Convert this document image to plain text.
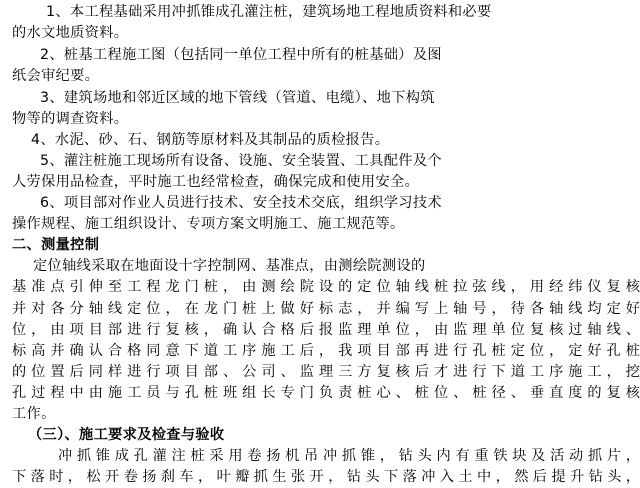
1、本工程基础采用冲抓锥成孔灌注桩，建筑场地工程地质资料和必要
的水文地质资料。
2、桩基工程施工图（包括同一单位工程中所有的桩基础）及图
纸会审纪要。
3、建筑场地和邻近区域的地下管线（管道、电缆）、地下构筑
物等的调查资料。
4、水泥、砂、石、钢筋等原材料及其制品的质检报告。
5、灌注桩施工现场所有设备、设施、安全装置、工具配件及个
人劳保用品检查，平时施工也经常检查，确保完成和使用安全。
6、项目部对作业人员进行技术、安全技术交底，组织学习技术
操作规程、施工组织设计、专项方案文明施工、施工规范等。
二、测量控制
定位轴线采取在地面设十字控制网、基准点，由测绘院测设的
基准点引伸至工程龙门桩，由测绘院设的定位轴线桩拉弦线，用经纬仪复核
并对各分轴线定位，在龙门桩上做好标志，并编写上轴号，待各轴线均定好
位，由项目部进行复核，确认合格后报监理单位，由监理单位复核过轴线、
标高并确认合格同意下道工序施工后，我项目部再进行孔桩定位，定好孔桩
的位置后同样进行项目部、公司、监理三方复核后才进行下道工序施工，挖
孔过程中由施工员与孔桩班组长专门负责桩心、桩位、桩径、垂直度的复核
工作。
（三）、施工要求及检查与验收
冲抓锥成孔灌注桩采用卷扬机吊冲抓锥，钻头内有重铁块及活动抓片，
下落时，松开卷扬刹车，叶瓣抓生张开，钻头下落冲入土中，然后提升钻头，
